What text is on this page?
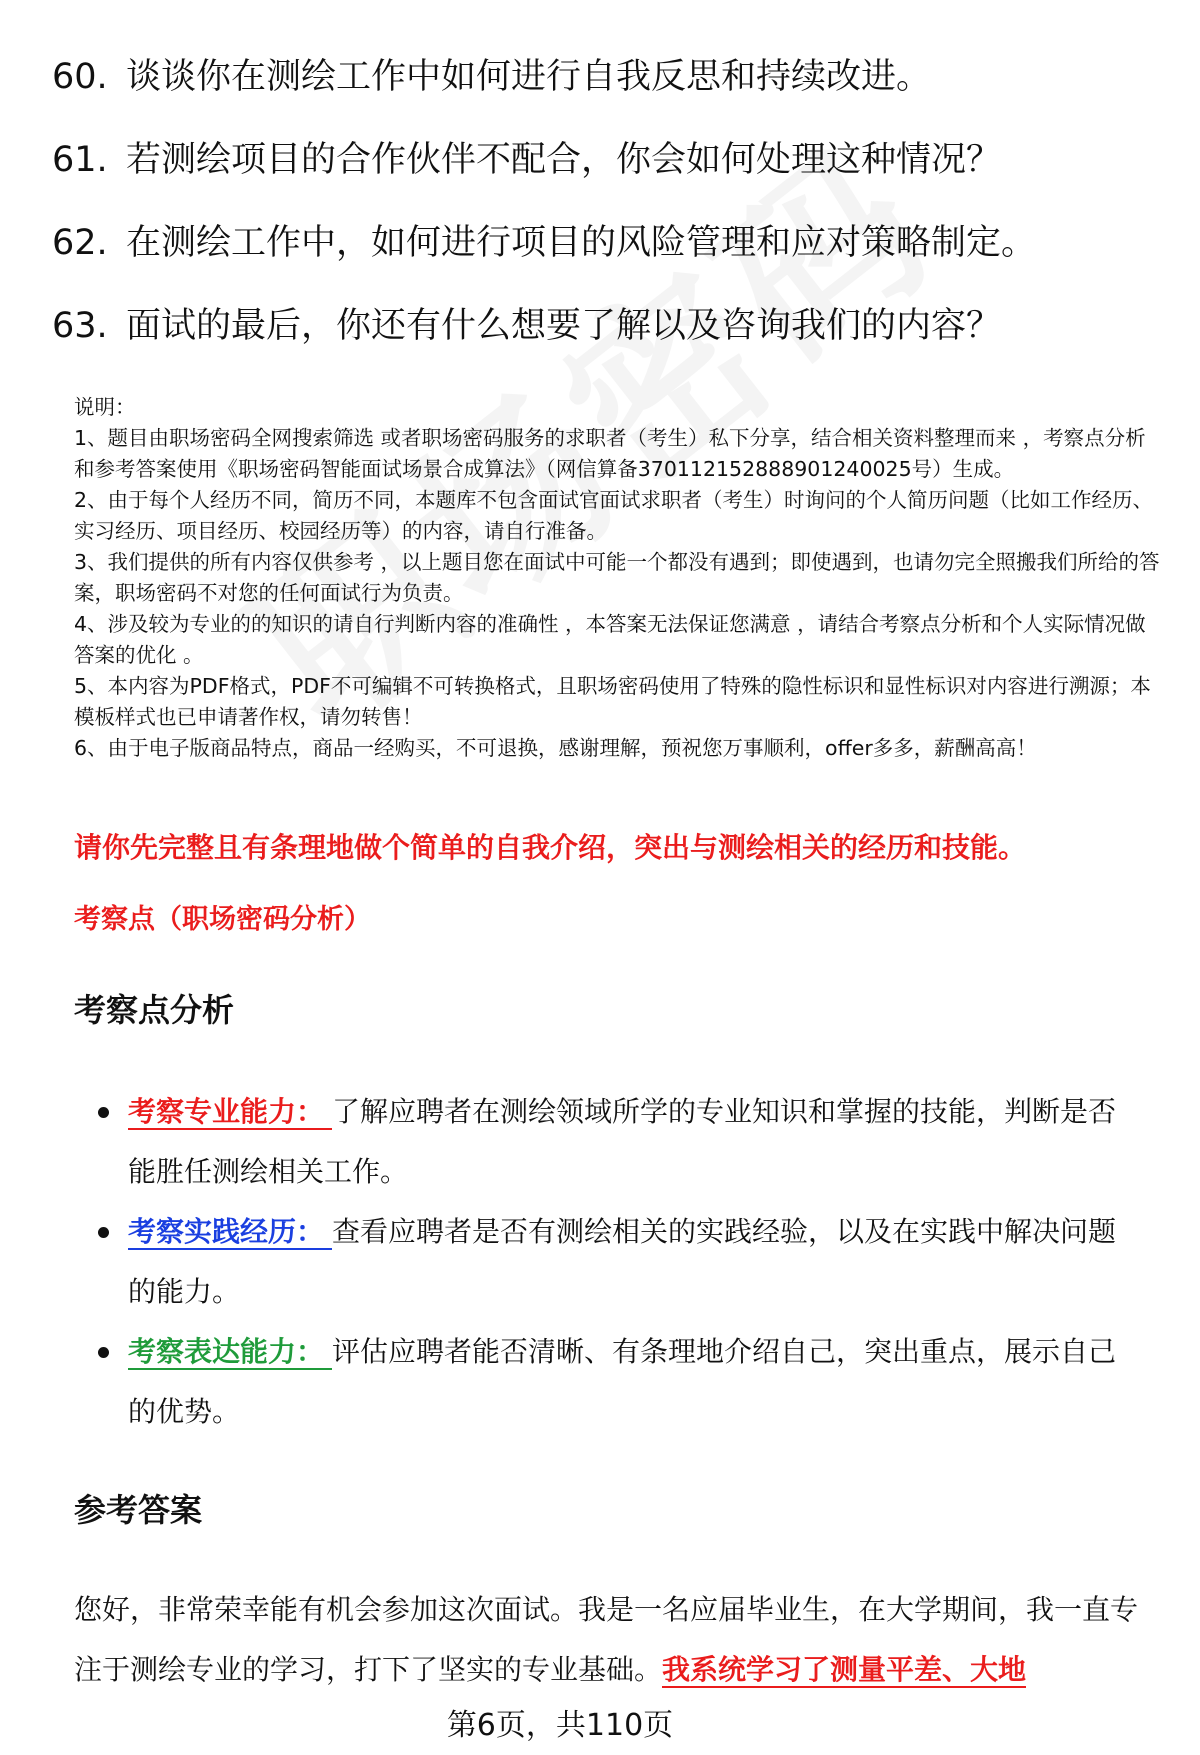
60. 谈谈你在测绘工作中如何进行自我反思和持续改进。
61. 若测绘项目的合作伙伴不配合，你会如何处理这种情况？
62. 在测绘工作中，如何进行项目的风险管理和应对策略制定。
63. 面试的最后，你还有什么想要了解以及咨询我们的内容？

说明：

1、题目由职场密码全网搜索筛选 或者职场密码服务的求职者（考生）私下分享，结合相关资料整理而来 ，考察点分析和参考答案使用《职场密码智能面试场景合成算法》（网信算备370112152888901240025号）生成。

2、由于每个人经历不同，简历不同，本题库不包含面试官面试求职者（考生）时询问的个人简历问题（比如工作经历、实习经历、项目经历、校园经历等）的内容，请自行准备。

3、我们提供的所有内容仅供参考 ，以上题目您在面试中可能一个都没有遇到；即使遇到，也请勿完全照搬我们所给的答案，职场密码不对您的任何面试行为负责。

4、涉及较为专业的的知识的请自行判断内容的准确性 ，本答案无法保证您满意 ，请结合考察点分析和个人实际情况做答案的优化 。

5、本内容为PDF格式，PDF不可编辑不可转换格式，且职场密码使用了特殊的隐性标识和显性标识对内容进行溯源；本模板样式也已申请著作权，请勿转售！

6、由于电子版商品特点，商品一经购买，不可退换，感谢理解，预祝您万事顺利，offer多多，薪酬高高！

请你先完整且有条理地做个简单的自我介绍，突出与测绘相关的经历和技能。
考察点（职场密码分析）
考察点分析
考察专业能力： 了解应聘者在测绘领域所学的专业知识和掌握的技能，判断是否能胜任测绘相关工作。
考察实践经历： 查看应聘者是否有测绘相关的实践经验，以及在实践中解决问题的能力。
考察表达能力： 评估应聘者能否清晰、有条理地介绍自己，突出重点，展示自己的优势。
参考答案
您好，非常荣幸能有机会参加这次面试。我是一名应届毕业生，在大学期间，我一直专注于测绘专业的学习，打下了坚实的专业基础。我系统学习了测量平差、大地
第6页，共110页
